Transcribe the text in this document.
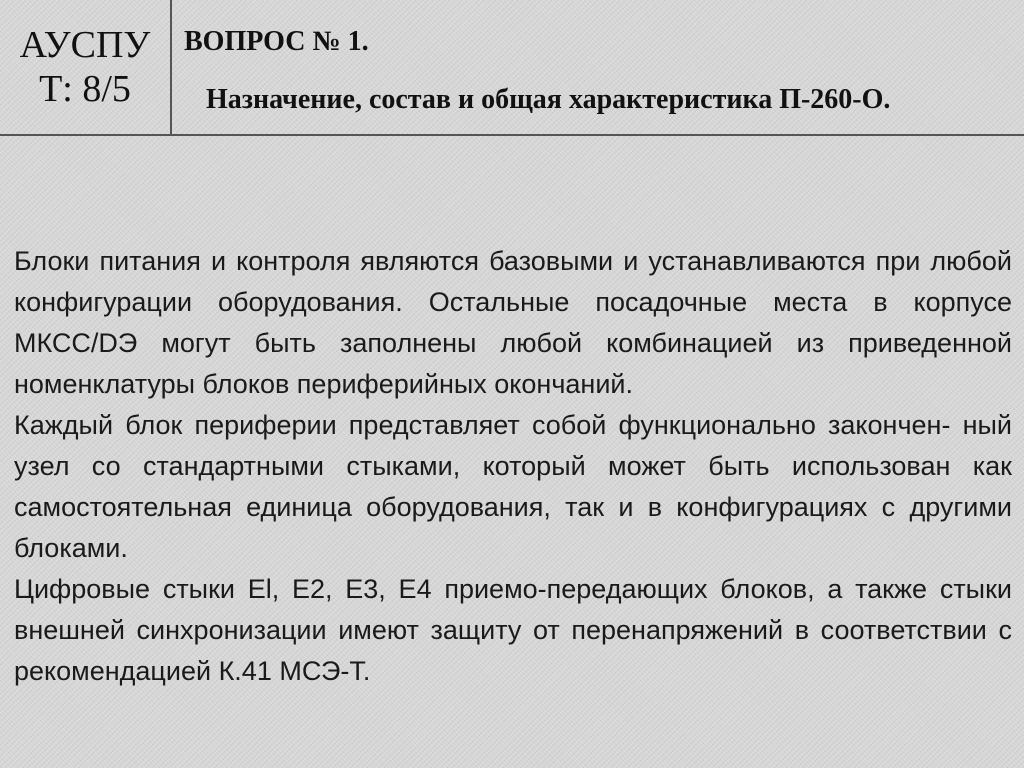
АУСПУ
Т: 8/5
ВОПРОС № 1.
Назначение, состав и общая характеристика П-260-О.

Блоки питания и контроля являются базовыми и устанавливаются при любой конфигурации оборудования. Остальные посадочные места в корпусе МКСС/DЭ могут быть заполнены любой комбинацией из приведенной номенклатуры блоков периферийных окончаний.

Каждый блок периферии представляет собой функционально закончен- ный узел со стандартными стыками, который может быть использован как самостоятельная единица оборудования, так и в конфигурациях с другими блоками.

Цифровые стыки El, Е2, Е3, Е4 приемо-передающих блоков, а также стыки внешней синхронизации имеют защиту от перенапряжений в соответствии с рекомендацией К.41 МСЭ-Т.
